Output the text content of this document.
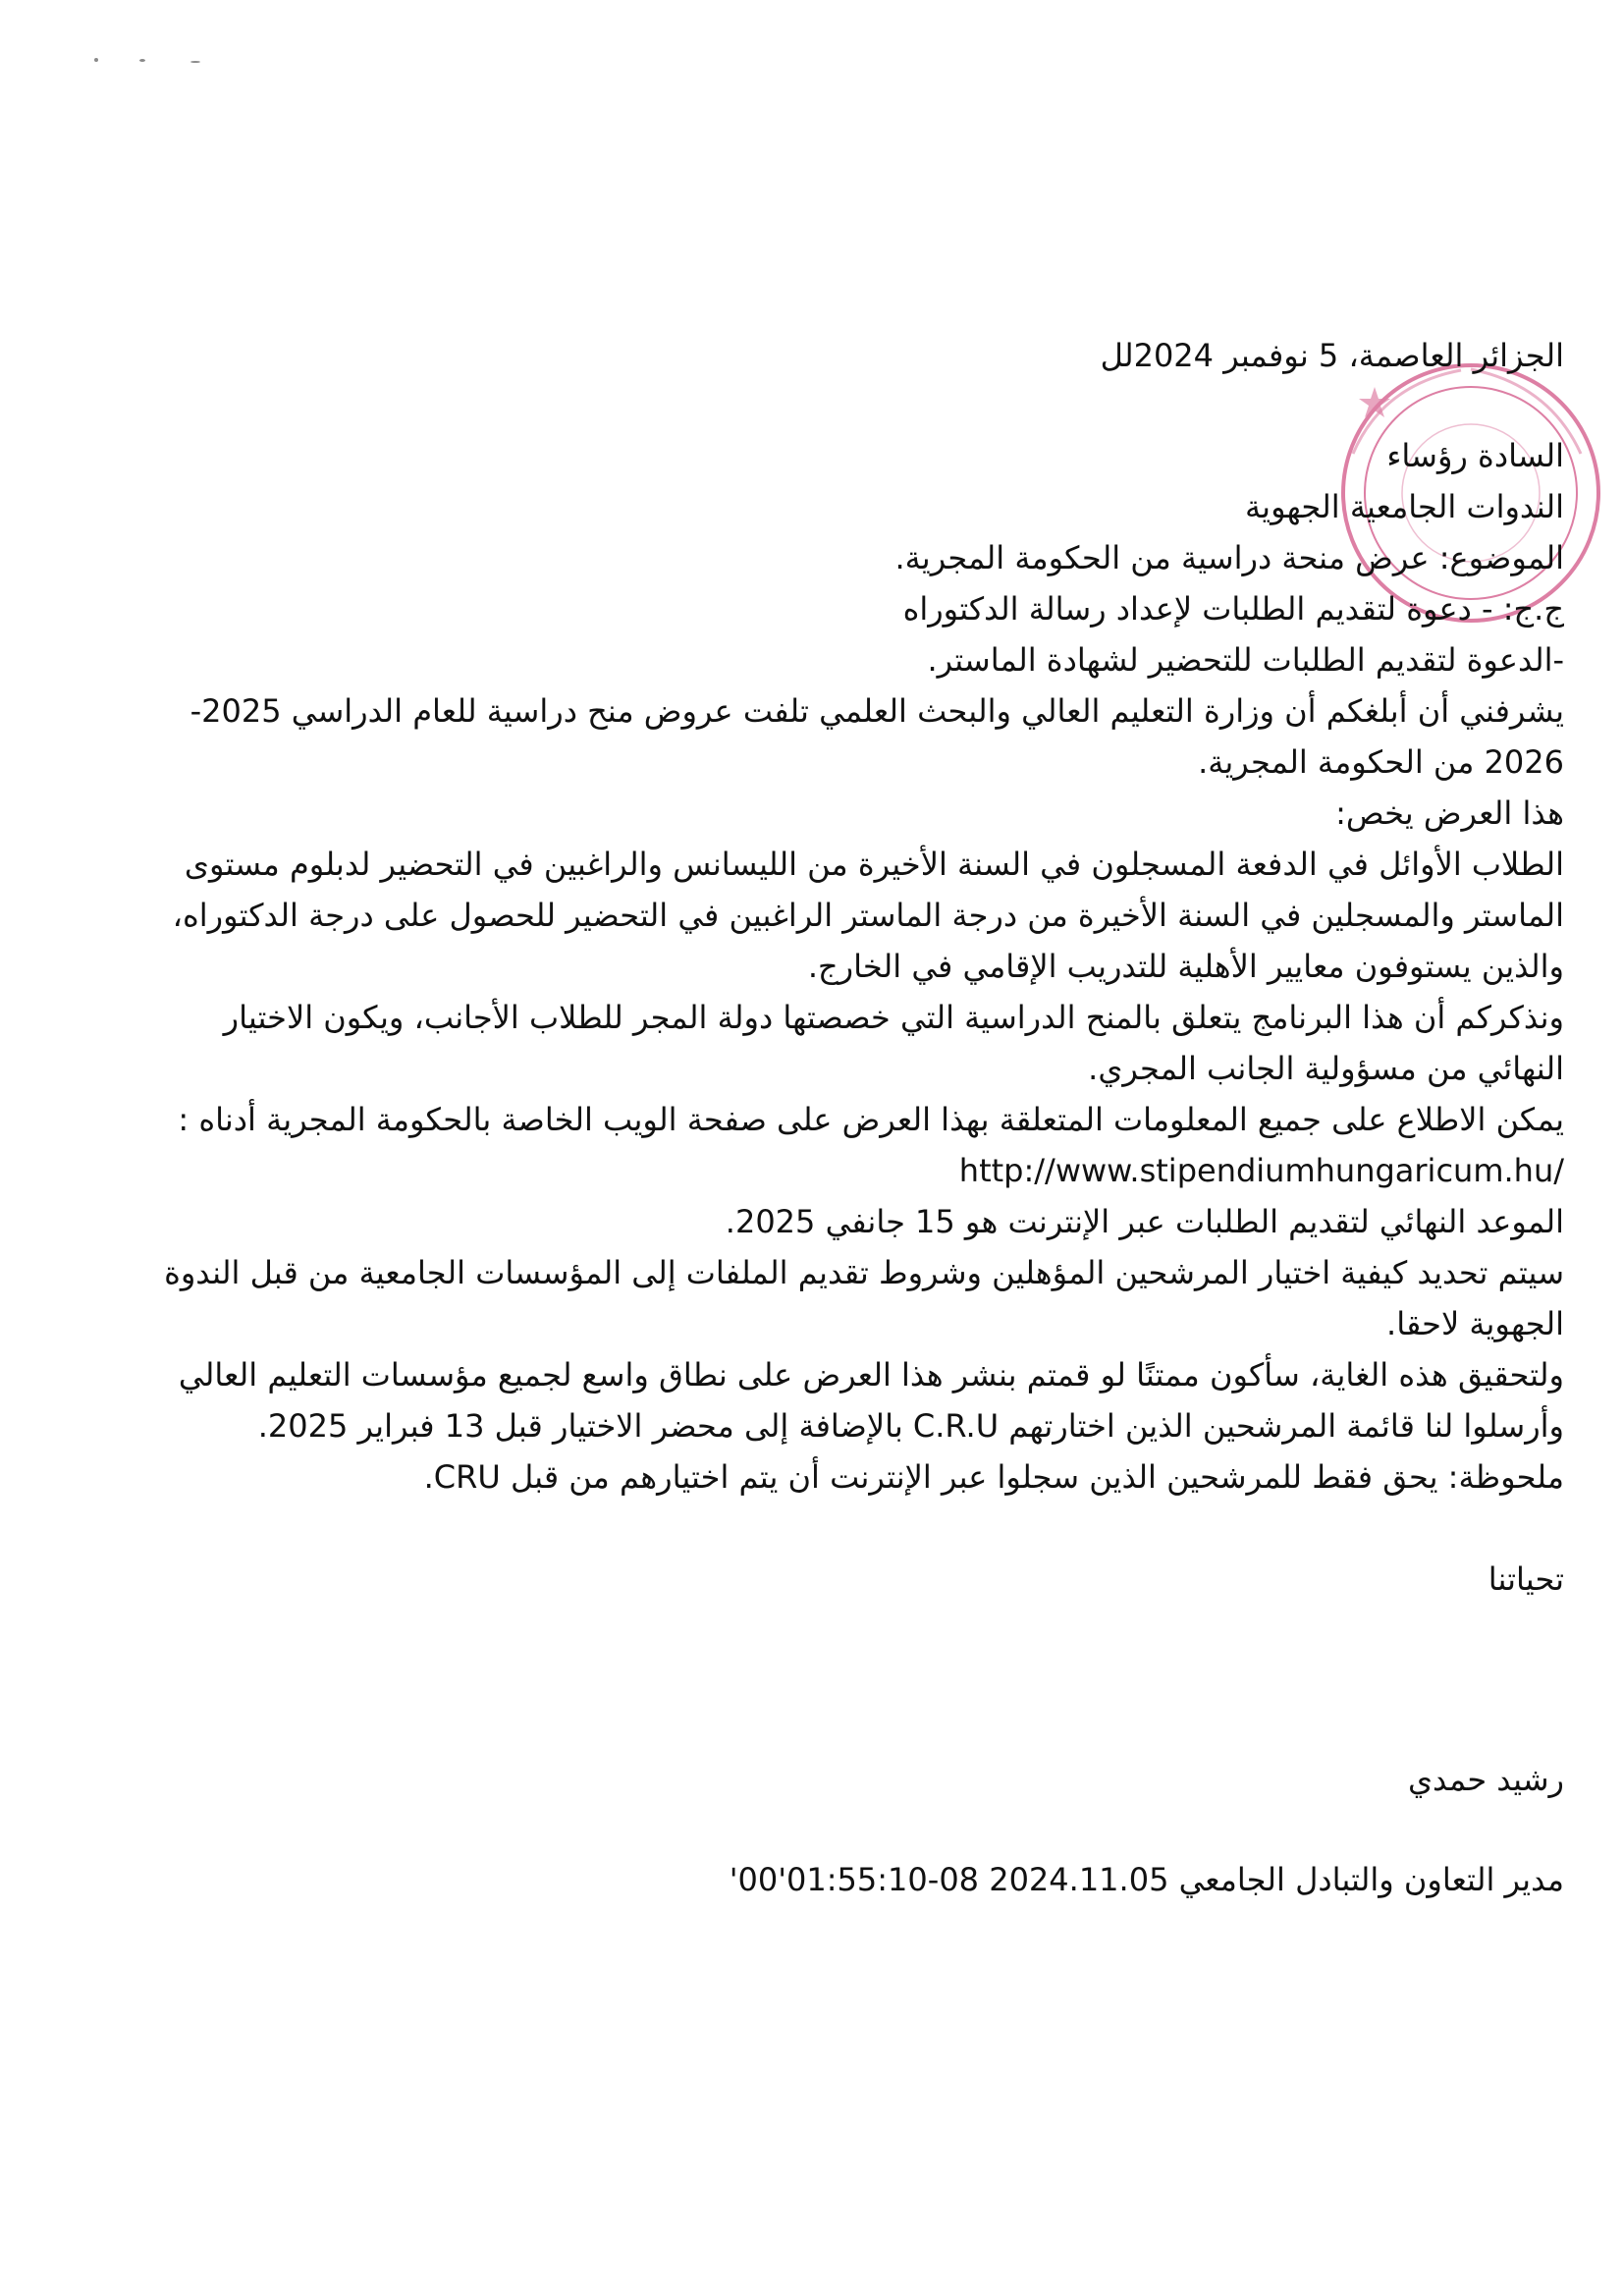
الجزائر العاصمة، 5 نوفمبر 2024لل
السادة رؤساء
الندوات الجامعية الجهوية
الموضوع: عرض منحة دراسية من الحكومة المجرية.
ج.ج: - دعوة لتقديم الطلبات لإعداد رسالة الدكتوراه
-الدعوة لتقديم الطلبات للتحضير لشهادة الماستر.
يشرفني أن أبلغكم أن وزارة التعليم العالي والبحث العلمي تلفت عروض منح دراسية للعام الدراسي 2025-
2026 من الحكومة المجرية.
هذا العرض يخص:
الطلاب الأوائل في الدفعة المسجلون في السنة الأخيرة من الليسانس والراغبين في التحضير لدبلوم مستوى
الماستر والمسجلين في السنة الأخيرة من درجة الماستر الراغبين في التحضير للحصول على درجة الدكتوراه،
والذين يستوفون معايير الأهلية للتدريب الإقامي في الخارج.
ونذكركم أن هذا البرنامج يتعلق بالمنح الدراسية التي خصصتها دولة المجر للطلاب الأجانب، ويكون الاختيار
النهائي من مسؤولية الجانب المجري.
يمكن الاطلاع على جميع المعلومات المتعلقة بهذا العرض على صفحة الويب الخاصة بالحكومة المجرية أدناه :
http://www.stipendiumhungaricum.hu/
الموعد النهائي لتقديم الطلبات عبر الإنترنت هو 15 جانفي 2025.
سيتم تحديد كيفية اختيار المرشحين المؤهلين وشروط تقديم الملفات إلى المؤسسات الجامعية من قبل الندوة
الجهوية لاحقا.
ولتحقيق هذه الغاية، سأكون ممتنًا لو قمتم بنشر هذا العرض على نطاق واسع لجميع مؤسسات التعليم العالي
وأرسلوا لنا قائمة المرشحين الذين اختارتهم C.R.U بالإضافة إلى محضر الاختيار قبل 13 فبراير 2025.
ملحوظة: يحق فقط للمرشحين الذين سجلوا عبر الإنترنت أن يتم اختيارهم من قبل CRU.
تحياتنا
رشيد حمدي
مدير التعاون والتبادل الجامعي 2024.11.05 08-01:55:10'00'
